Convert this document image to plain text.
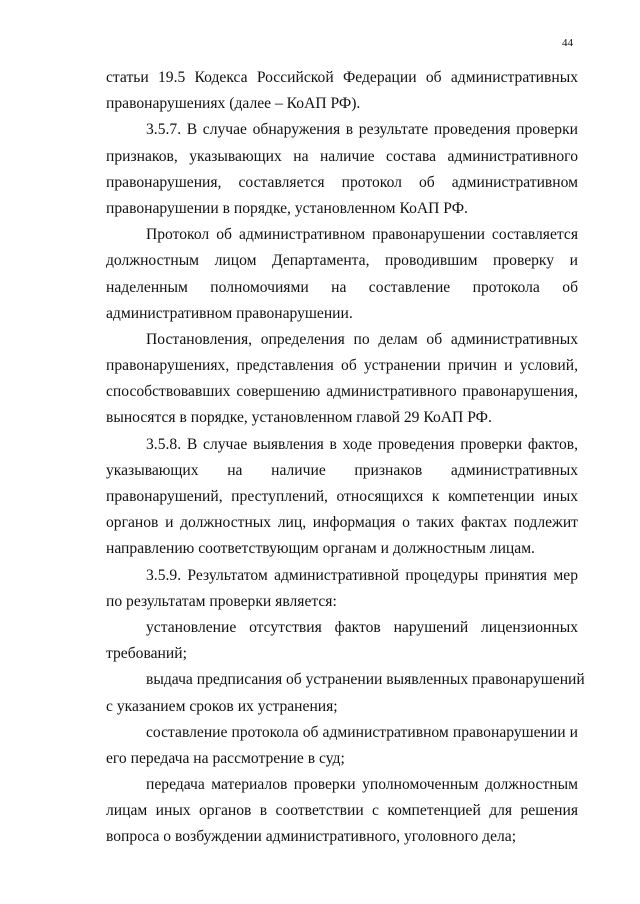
44
статьи 19.5 Кодекса Российской Федерации об административных
правонарушениях (далее – КоАП РФ).
3.5.7. В случае обнаружения в результате проведения проверки
признаков, указывающих на наличие состава административного
правонарушения, составляется протокол об административном
правонарушении в порядке, установленном КоАП РФ.
Протокол об административном правонарушении составляется
должностным лицом Департамента, проводившим проверку и
наделенным полномочиями на составление протокола об
административном правонарушении.
Постановления, определения по делам об административных
правонарушениях, представления об устранении причин и условий,
способствовавших совершению административного правонарушения,
выносятся в порядке, установленном главой 29 КоАП РФ.
3.5.8. В случае выявления в ходе проведения проверки фактов,
указывающих на наличие признаков административных
правонарушений, преступлений, относящихся к компетенции иных
органов и должностных лиц, информация о таких фактах подлежит
направлению соответствующим органам и должностным лицам.
3.5.9. Результатом административной процедуры принятия мер
по результатам проверки является:
установление отсутствия фактов нарушений лицензионных
требований;
выдача предписания об устранении выявленных правонарушений
с указанием сроков их устранения;
составление протокола об административном правонарушении и
его передача на рассмотрение в суд;
передача материалов проверки уполномоченным должностным
лицам иных органов в соответствии с компетенцией для решения
вопроса о возбуждении административного, уголовного дела;
